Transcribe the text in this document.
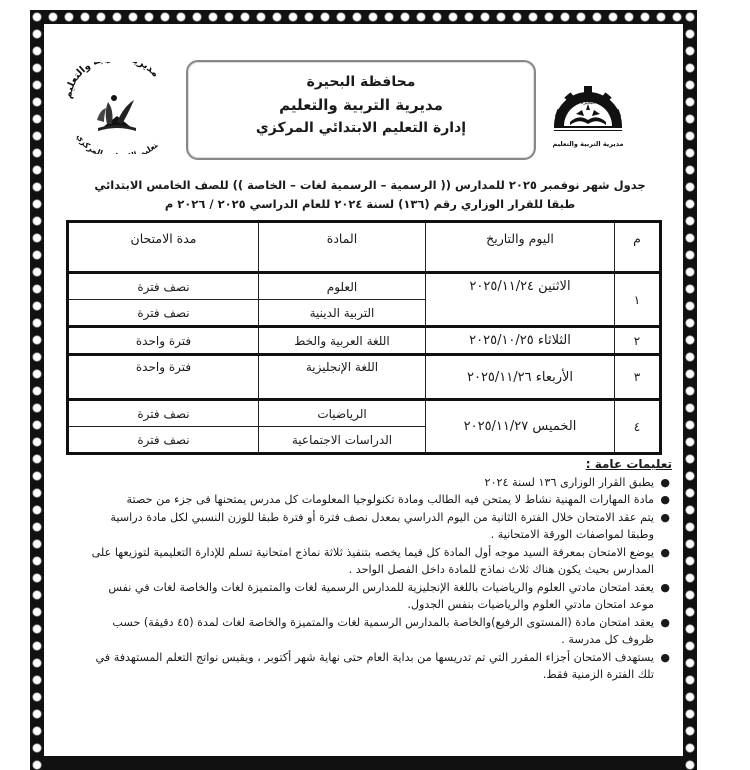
مدير والتعليم
تعليم المركزي
محافظة البحيرة
مديرية التربية والتعليم
إدارة التعليم الابتدائي المركزي
البحيرة
مديرية التربية والتعليم
جدول شهر نوفمبر ٢٠٢٥ للمدارس (( الرسمية – الرسمية لغات – الخاصة )) للصف الخامس الابتدائي
طبقا للقرار الوزاري رقم (١٣٦) لسنة ٢٠٢٤ للعام الدراسي ٢٠٢٥ / ٢٠٢٦ م
م	اليوم والتاريخ	المادة	مدة الامتحان
١	الاثنين ٢٠٢٥/١١/٢٤	العلوم	نصف فترة
		التربية الدينية	نصف فترة
٢	الثلاثاء ٢٠٢٥/١٠/٢٥	اللغة العربية والخط	فترة واحدة
٣	الأربعاء ٢٠٢٥/١١/٢٦	اللغة الإنجليزية	فترة واحدة
٤	الخميس ٢٠٢٥/١١/٢٧	الرياضيات	نصف فترة
		الدراسات الاجتماعية	نصف فترة
تعليمات عامة :
●
يطبق القرار الوزارى ١٣٦ لسنة ٢٠٢٤
●
مادة المهارات المهنية نشاط لا يمتحن فيه الطالب ومادة تكنولوجيا المعلومات كل مدرس يمتحنها فى جزء من حصتة
●
يتم عقد الامتحان خلال الفترة الثانية من اليوم الدراسي بمعدل نصف فترة أو فترة طبقا للوزن النسبي لكل مادة دراسية وطبقا لمواصفات الورقة الامتحانية .
●
يوضع الامتحان بمعرفة السيد موجه أول المادة كل فيما يخصه بتنفيذ ثلاثة نماذج امتحانية تسلم للإدارة التعليمية لتوزيعها على المدارس بحيث يكون هناك ثلاث نماذج للمادة داخل الفصل الواحد .
●
يعقد امتحان مادتي العلوم والرياضيات باللغة الإنجليزية للمدارس الرسمية لغات والمتميزة لغات والخاصة لغات في نفس موعد امتحان مادتي العلوم والرياضيات بنفس الجدول.
●
يعقد امتحان مادة (المستوى الرفيع)والخاصة بالمدارس الرسمية لغات والمتميزة والخاصة لغات لمدة (٤٥ دقيقة) حسب ظروف كل مدرسة .
●
يستهدف الامتحان أجزاء المقرر التي تم تدريسها من بداية العام حتى نهاية شهر أكتوبر ، ويقيس نواتج التعلم المستهدفة في تلك الفترة الزمنية فقط.
